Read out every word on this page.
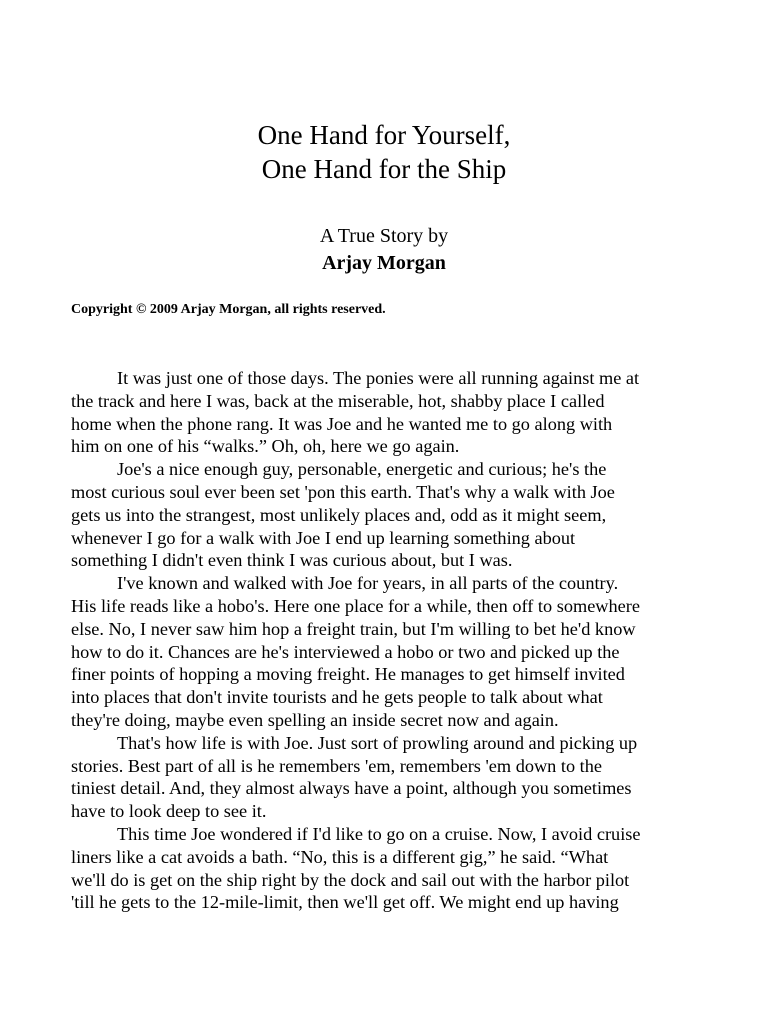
One Hand for Yourself,
One Hand for the Ship
A True Story by
Arjay Morgan
Copyright © 2009 Arjay Morgan, all rights reserved.
It was just one of those days. The ponies were all running against me at
the track and here I was, back at the miserable, hot, shabby place I called
home when the phone rang. It was Joe and he wanted me to go along with
him on one of his “walks.” Oh, oh, here we go again.
Joe's a nice enough guy, personable, energetic and curious; he's the
most curious soul ever been set 'pon this earth. That's why a walk with Joe
gets us into the strangest, most unlikely places and, odd as it might seem,
whenever I go for a walk with Joe I end up learning something about
something I didn't even think I was curious about, but I was.
I've known and walked with Joe for years, in all parts of the country.
His life reads like a hobo's. Here one place for a while, then off to somewhere
else. No, I never saw him hop a freight train, but I'm willing to bet he'd know
how to do it. Chances are he's interviewed a hobo or two and picked up the
finer points of hopping a moving freight. He manages to get himself invited
into places that don't invite tourists and he gets people to talk about what
they're doing, maybe even spelling an inside secret now and again.
That's how life is with Joe. Just sort of prowling around and picking up
stories. Best part of all is he remembers 'em, remembers 'em down to the
tiniest detail. And, they almost always have a point, although you sometimes
have to look deep to see it.
This time Joe wondered if I'd like to go on a cruise. Now, I avoid cruise
liners like a cat avoids a bath. “No, this is a different gig,” he said. “What
we'll do is get on the ship right by the dock and sail out with the harbor pilot
'till he gets to the 12-mile-limit, then we'll get off. We might end up having
